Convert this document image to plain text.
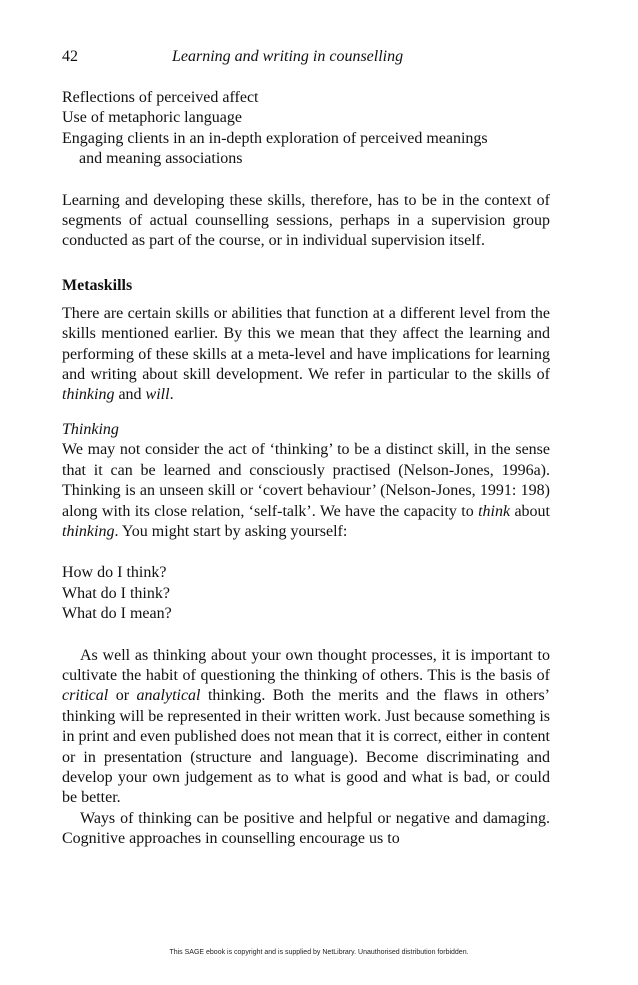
42	Learning and writing in counselling

Reflections of perceived affect

Use of metaphoric language

Engaging clients in an in-depth exploration of perceived meanings

and meaning associations

Learning and developing these skills, therefore, has to be in the context of segments of actual counselling sessions, perhaps in a supervision group conducted as part of the course, or in individual supervision itself.

Metaskills

There are certain skills or abilities that function at a different level from the skills mentioned earlier. By this we mean that they affect the learning and performing of these skills at a meta-level and have implications for learning and writing about skill development. We refer in particular to the skills of thinking and will.

Thinking

We may not consider the act of ‘thinking’ to be a distinct skill, in the sense that it can be learned and consciously practised (Nelson-Jones, 1996a). Thinking is an unseen skill or ‘covert behaviour’ (Nelson-Jones, 1991: 198) along with its close relation, ‘self-talk’. We have the capacity to think about thinking. You might start by asking yourself:

How do I think?

What do I think?

What do I mean?

As well as thinking about your own thought processes, it is important to cultivate the habit of questioning the thinking of others. This is the basis of critical or analytical thinking. Both the merits and the flaws in others’ thinking will be represented in their written work. Just because something is in print and even published does not mean that it is correct, either in content or in presentation (structure and language). Become discriminating and develop your own judgement as to what is good and what is bad, or could be better.

Ways of thinking can be positive and helpful or negative and damaging. Cognitive approaches in counselling encourage us to

This SAGE ebook is copyright and is supplied by NetLibrary. Unauthorised distribution forbidden.
